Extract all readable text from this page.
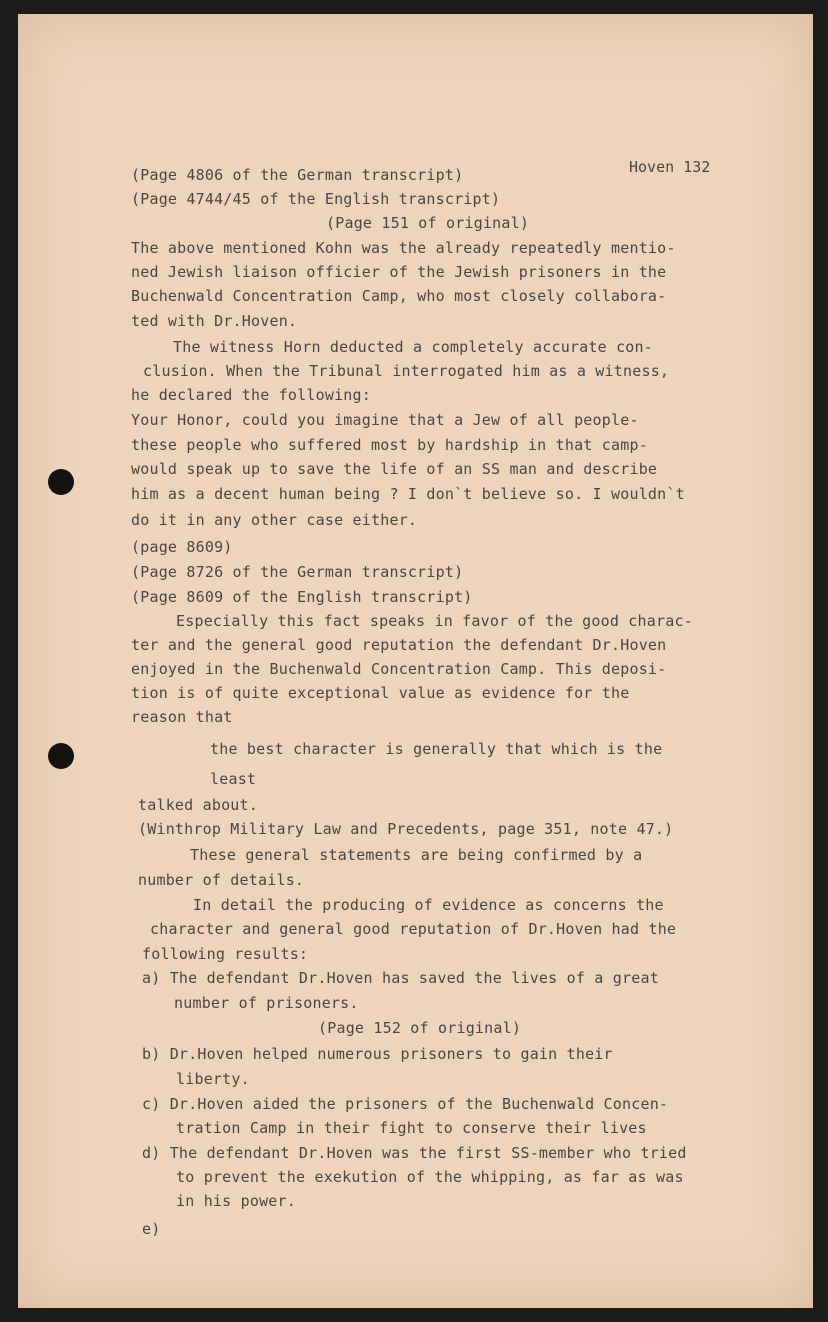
Hoven 132
(Page 4806 of the German transcript)
(Page 4744/45 of the English transcript)
(Page 151 of original)
The above mentioned Kohn was the already repeatedly mentio-
ned Jewish liaison officier of the Jewish prisoners in the
Buchenwald Concentration Camp, who most closely collabora-
ted with Dr.Hoven.
The witness Horn deducted a completely accurate con-
clusion. When the Tribunal interrogated him as a witness,
he declared the following:
Your Honor, could you imagine that a Jew of all people-
these people who suffered most by hardship in that camp-
would speak up to save the life of an SS man and describe
him as a decent human being ? I don`t believe so. I wouldn`t
do it in any other case either.
(page 8609)
(Page 8726 of the German transcript)
(Page 8609 of the English transcript)
Especially this fact speaks in favor of the good charac-
ter and the general good reputation the defendant Dr.Hoven
enjoyed in the Buchenwald Concentration Camp. This deposi-
tion is of quite exceptional value as evidence for the
reason that
the best character is generally that which is the
least
talked about.
(Winthrop Military Law and Precedents, page 351, note 47.)
These general statements are being confirmed by a
number of details.
In detail the producing of evidence as concerns the
character and general good reputation of Dr.Hoven had the
following results:
a) The defendant Dr.Hoven has saved the lives of a great
number of prisoners.
(Page 152 of original)
b) Dr.Hoven helped numerous prisoners to gain their
liberty.
c) Dr.Hoven aided the prisoners of the Buchenwald Concen-
tration Camp in their fight to conserve their lives
d) The defendant Dr.Hoven was the first SS-member who tried
to prevent the exekution of the whipping, as far as was
in his power.
e)
